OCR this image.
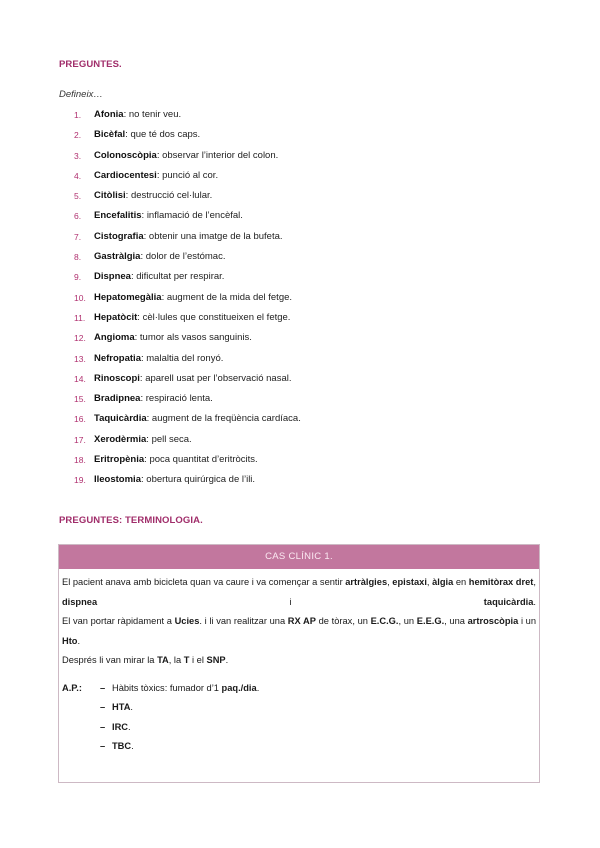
PREGUNTES.
Defineix…
1.	Afonia: no tenir veu.
2.	Bicèfal: que té dos caps.
3.	Colonoscòpia: observar l’interior del colon.
4.	Cardiocentesi: punció al cor.
5.	Citòlisi: destrucció cel·lular.
6.	Encefalitis: inflamació de l’encèfal.
7.	Cistografia: obtenir una imatge de la bufeta.
8.	Gastràlgia: dolor de l’estómac.
9.	Dispnea: dificultat per respirar.
10. Hepatomegàlia: augment de la mida del fetge.
11. Hepatòcit: cèl·lules que constitueixen el fetge.
12. Angioma: tumor als vasos sanguinis.
13. Nefropatia: malaltia del ronyó.
14. Rinoscopi: aparell usat per l’observació nasal.
15. Bradipnea: respiració lenta.
16. Taquicàrdia: augment de la freqüència cardíaca.
17. Xerodèrmia: pell seca.
18. Eritropènia: poca quantitat d’eritròcits.
19. Ileostomia: obertura quirúrgica de l’ili.
PREGUNTES: TERMINOLOGIA.
CAS CLÍNIC 1.

El pacient anava amb bicicleta quan va caure i va començar a sentir artràlgies, epistaxi, àlgia en hemitòrax dret, dispnea i taquicàrdia.

El van portar ràpidament a Ucies. i li van realitzar una RX AP de tòrax, un E.C.G., un E.E.G., una artroscòpia i un Hto.

Després li van mirar la TA, la T i el SNP.

A.P.:	– Hàbits tòxics: fumador d’1 paq./dia.
– HTA.
– IRC.
– TBC.
